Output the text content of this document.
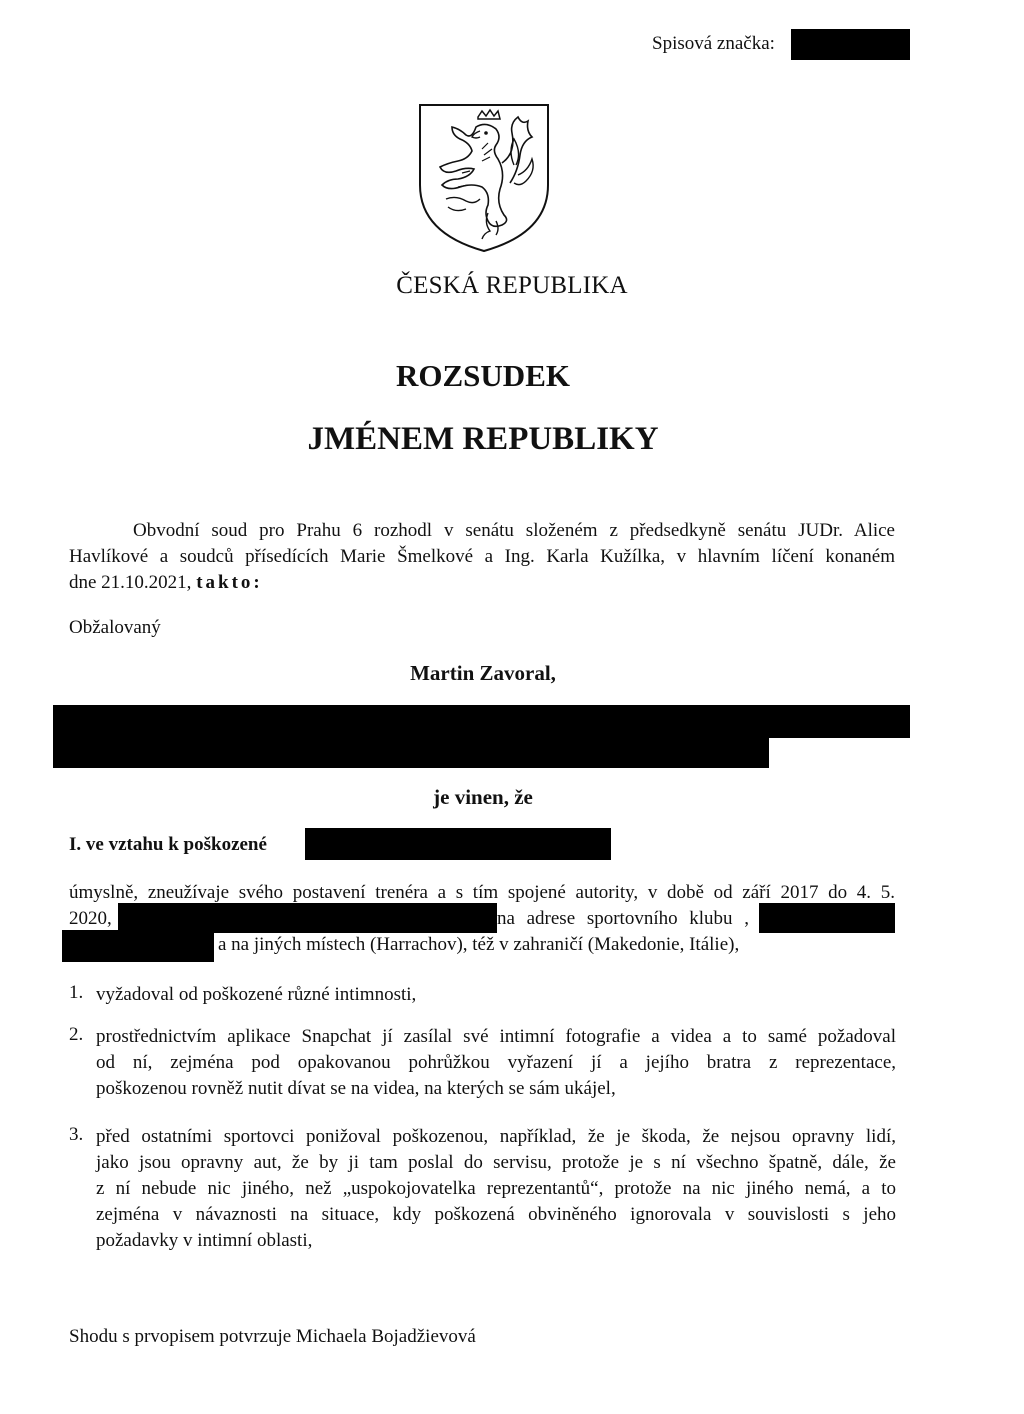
Spisová značka:
ČESKÁ REPUBLIKA
ROZSUDEK
JMÉNEM REPUBLIKY
Obvodní soud pro Prahu 6 rozhodl v senátu složeném z předsedkyně senátu JUDr. Alice
Havlíkové a soudců přísedících Marie Šmelkové a Ing. Karla Kužílka, v hlavním líčení konaném
dne 21.10.2021, takto:
Obžalovaný
Martin Zavoral,
je vinen, že
I. ve vztahu k poškozené
úmyslně, zneužívaje svého postavení trenéra a s tím spojené autority, v době od září 2017 do 4. 5.
2020,	na adrese sportovního klubu ,
a na jiných místech (Harrachov), též v zahraničí (Makedonie, Itálie),
1. vyžadoval od poškozené různé intimnosti,
2. prostřednictvím aplikace Snapchat jí zasílal své intimní fotografie a videa a to samé požadoval
od ní, zejména pod opakovanou pohrůžkou vyřazení jí a jejího bratra z reprezentace,
poškozenou rovněž nutit dívat se na videa, na kterých se sám ukájel,
3. před ostatními sportovci ponižoval poškozenou, například, že je škoda, že nejsou opravny lidí,
jako jsou opravny aut, že by ji tam poslal do servisu, protože je s ní všechno špatně, dále, že
z ní nebude nic jiného, než „uspokojovatelka reprezentantů“, protože na nic jiného nemá, a to
zejména v návaznosti na situace, kdy poškozená obviněného ignorovala v souvislosti s jeho
požadavky v intimní oblasti,
Shodu s prvopisem potvrzuje Michaela Bojadžievová
